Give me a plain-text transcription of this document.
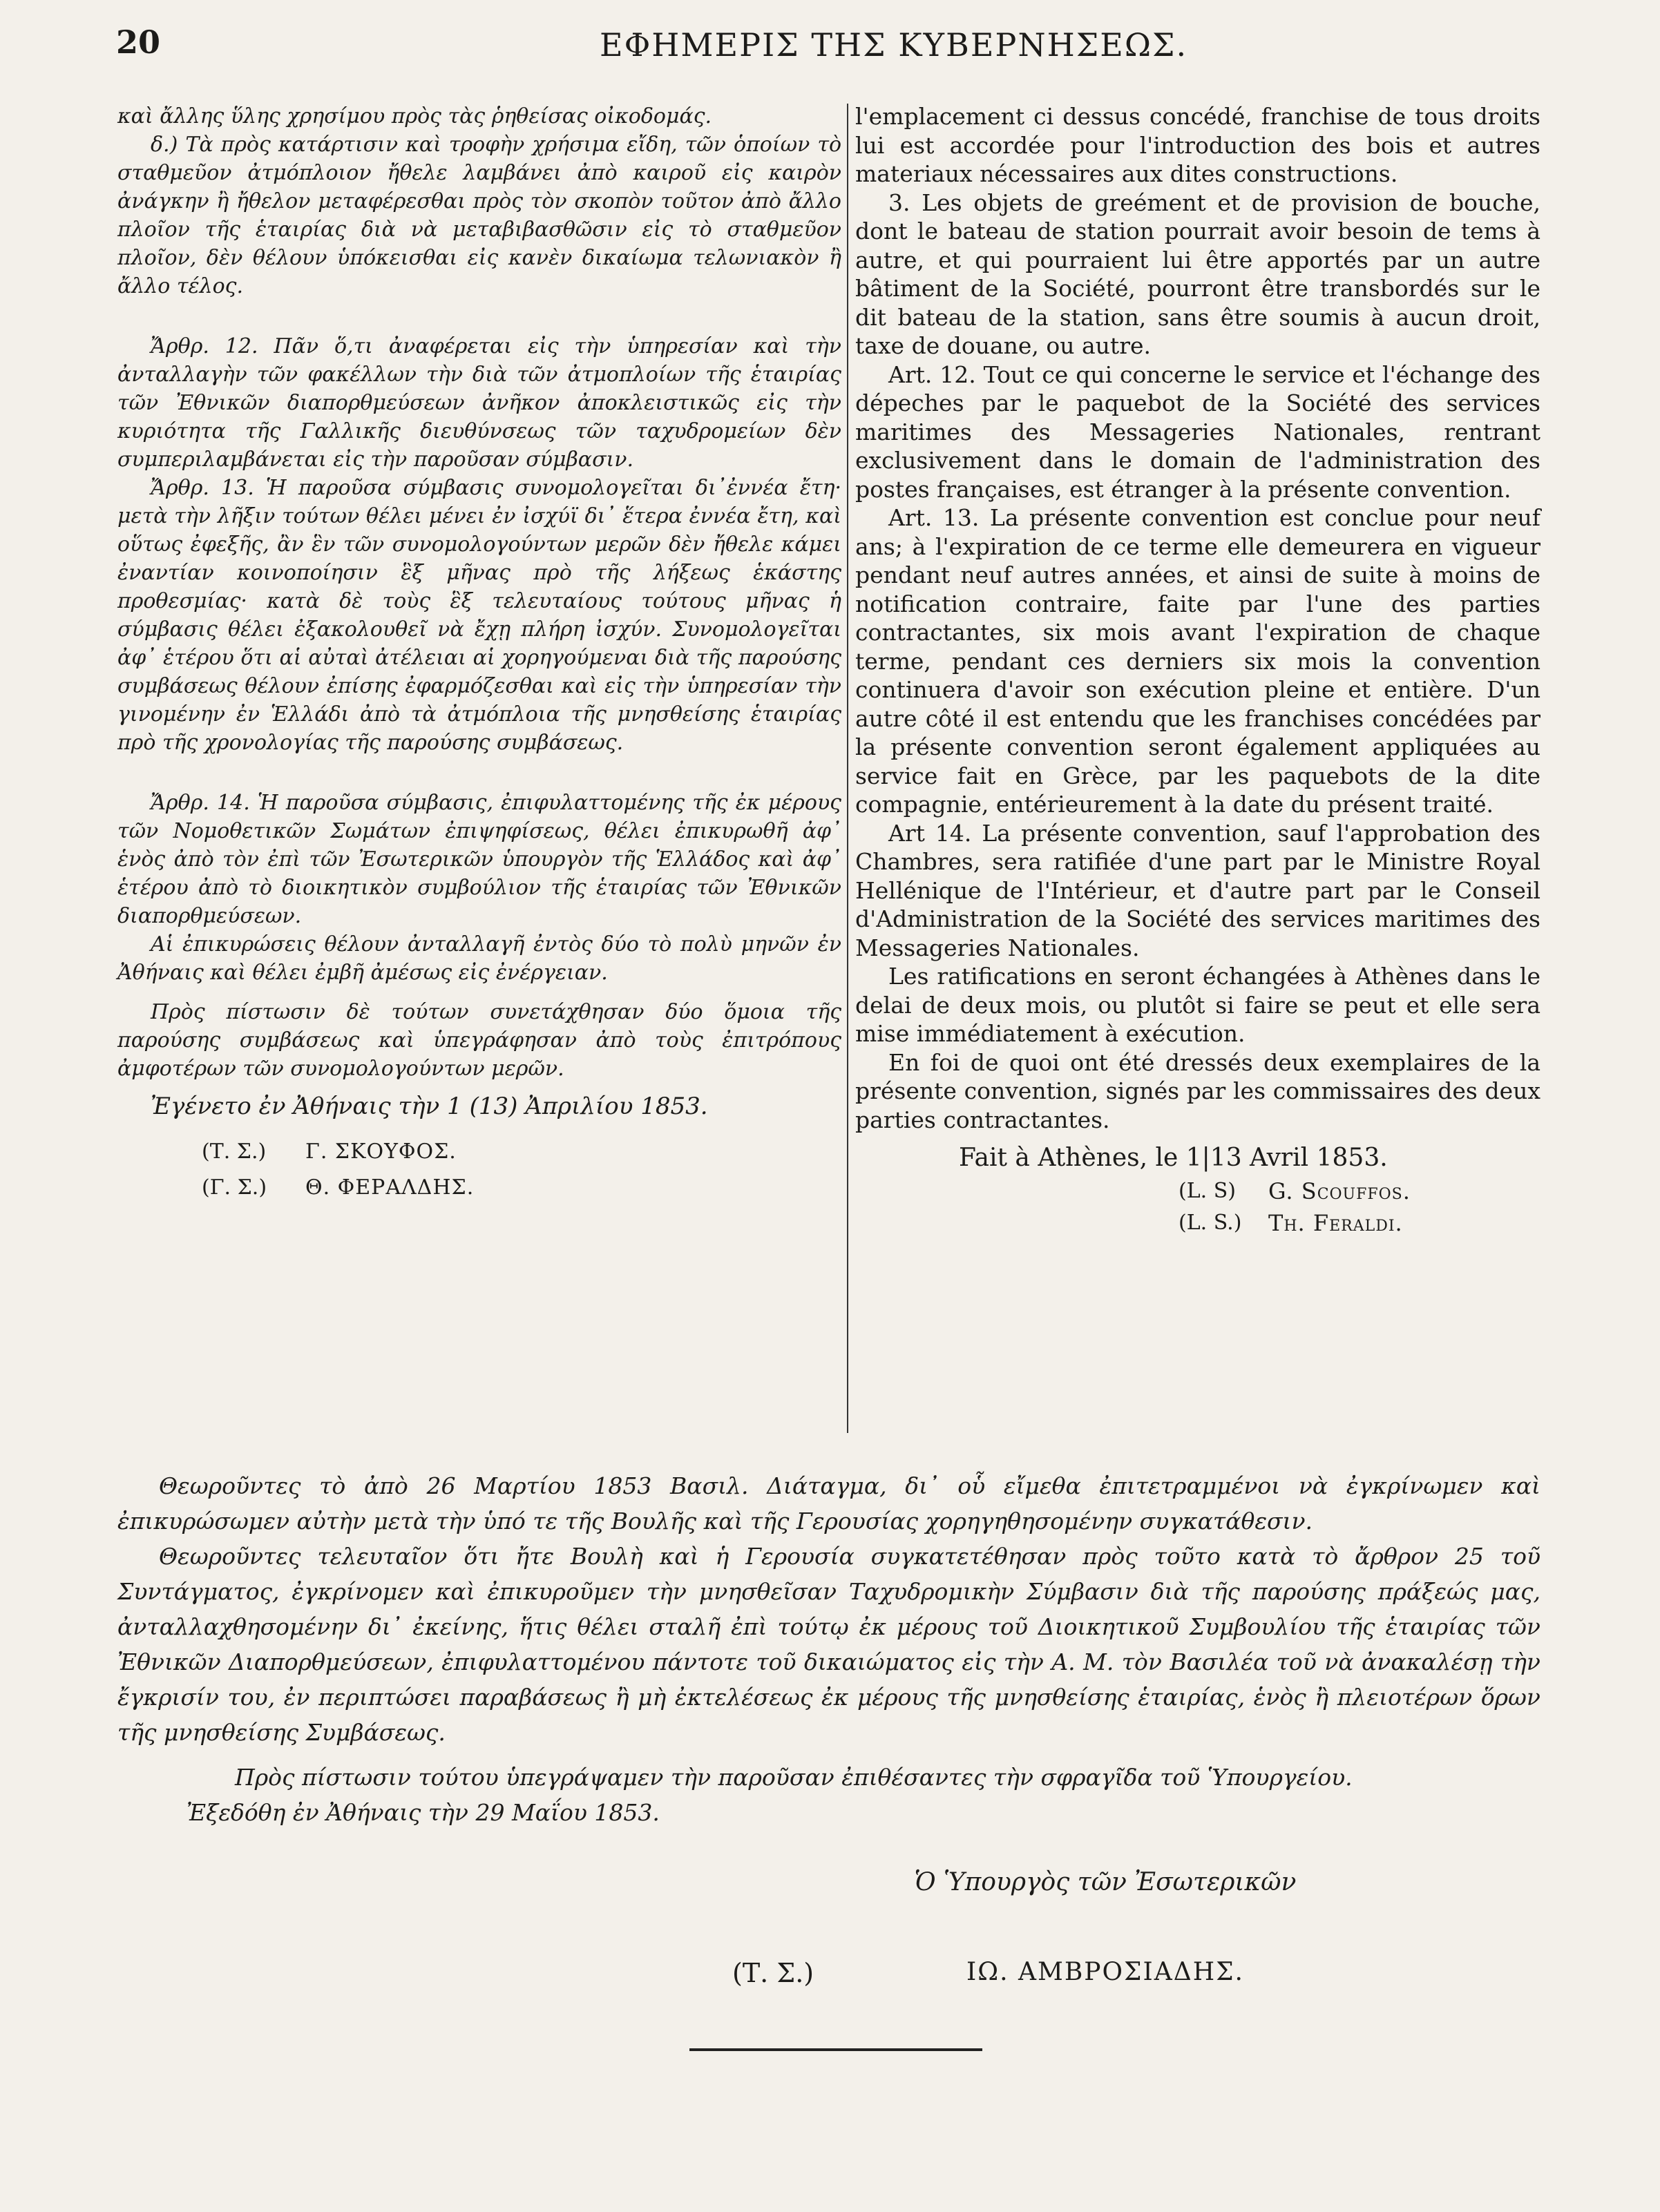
20	ΕΦΗΜΕΡΙΣ ΤΗΣ ΚΥΒΕΡΝΗΣΕΩΣ.

καὶ ἄλλης ὕλης χρησίμου πρὸς τὰς ῥηθείσας οἰκοδομάς.

δ.) Τὰ πρὸς κατάρτισιν καὶ τροφὴν χρήσιμα εἴδη, τῶν ὁποίων τὸ σταθμεῦον ἀτμόπλοιον ἤθελε λαμβάνει ἀπὸ καιροῦ εἰς καιρὸν ἀνάγκην ἢ ἤθελον μεταφέρεσθαι πρὸς τὸν σκοπὸν τοῦτον ἀπὸ ἄλλο πλοῖον τῆς ἑταιρίας διὰ νὰ μεταβιβασθῶσιν εἰς τὸ σταθμεῦον πλοῖον, δὲν θέλουν ὑπόκεισθαι εἰς κανὲν δικαίωμα τελωνιακὸν ἢ ἄλλο τέλος.

Ἄρθρ. 12. Πᾶν ὅ,τι ἀναφέρεται εἰς τὴν ὑπηρεσίαν καὶ τὴν ἀνταλλαγὴν τῶν φακέλλων τὴν διὰ τῶν ἀτμοπλοίων τῆς ἑταιρίας τῶν Ἐθνικῶν διαπορθμεύσεων ἀνῆκον ἀποκλειστικῶς εἰς τὴν κυριότητα τῆς Γαλλικῆς διευθύνσεως τῶν ταχυδρομείων δὲν συμπεριλαμβάνεται εἰς τὴν παροῦσαν σύμβασιν.

Ἄρθρ. 13. Ἡ παροῦσα σύμβασις συνομολογεῖται δι᾽ἐννέα ἔτη· μετὰ τὴν λῆξιν τούτων θέλει μένει ἐν ἰσχύϊ δι᾽ ἕτερα ἐννέα ἔτη, καὶ οὕτως ἐφεξῆς, ἂν ἓν τῶν συνομολογούντων μερῶν δὲν ἤθελε κάμει ἐναντίαν κοινοποίησιν ἓξ μῆνας πρὸ τῆς λήξεως ἑκάστης προθεσμίας· κατὰ δὲ τοὺς ἓξ τελευταίους τούτους μῆνας ἡ σύμβασις θέλει ἐξακολουθεῖ νὰ ἔχῃ πλήρη ἰσχύν. Συνομολογεῖται ἀφ᾽ ἑτέρου ὅτι αἱ αὐταὶ ἀτέλειαι αἱ χορηγούμεναι διὰ τῆς παρούσης συμβάσεως θέλουν ἐπίσης ἐφαρμόζεσθαι καὶ εἰς τὴν ὑπηρεσίαν τὴν γινομένην ἐν Ἑλλάδι ἀπὸ τὰ ἀτμόπλοια τῆς μνησθείσης ἑταιρίας πρὸ τῆς χρονολογίας τῆς παρούσης συμβάσεως.

Ἄρθρ. 14. Ἡ παροῦσα σύμβασις, ἐπιφυλαττομένης τῆς ἐκ μέρους τῶν Νομοθετικῶν Σωμάτων ἐπιψηφίσεως, θέλει ἐπικυρωθῆ ἀφ᾽ ἑνὸς ἀπὸ τὸν ἐπὶ τῶν Ἐσωτερικῶν ὑπουργὸν τῆς Ἑλλάδος καὶ ἀφ᾽ ἑτέρου ἀπὸ τὸ διοικητικὸν συμβούλιον τῆς ἑταιρίας τῶν Ἐθνικῶν διαπορθμεύσεων.

Αἱ ἐπικυρώσεις θέλουν ἀνταλλαγῆ ἐντὸς δύο τὸ πολὺ μηνῶν ἐν Ἀθήναις καὶ θέλει ἐμβῆ ἀμέσως εἰς ἐνέργειαν.

Πρὸς πίστωσιν δὲ τούτων συνετάχθησαν δύο ὅμοια τῆς παρούσης συμβάσεως καὶ ὑπεγράφησαν ἀπὸ τοὺς ἐπιτρόπους ἀμφοτέρων τῶν συνομολογούντων μερῶν.

Ἐγένετο ἐν Ἀθήναις τὴν 1 (13) Ἀπριλίου 1853.

(Τ. Σ.)	Γ. ΣΚΟΥΦΟΣ.
(Γ. Σ.)	Θ. ΦΕΡΑΛΔΗΣ.

l'emplacement ci dessus concédé, franchise de tous droits lui est accordée pour l'introduction des bois et autres materiaux nécessaires aux dites constructions.

3. Les objets de greément et de provision de bouche, dont le bateau de station pourrait avoir besoin de tems à autre, et qui pourraient lui être apportés par un autre bâtiment de la Société, pourront être transbordés sur le dit bateau de la station, sans être soumis à aucun droit, taxe de douane, ou autre.

Art. 12. Tout ce qui concerne le service et l'échange des dépeches par le paquebot de la Société des services maritimes des Messageries Nationales, rentrant exclusivement dans le domain de l'administration des postes françaises, est étranger à la présente convention.

Art. 13. La présente convention est conclue pour neuf ans; à l'expiration de ce terme elle demeurera en vigueur pendant neuf autres années, et ainsi de suite à moins de notification contraire, faite par l'une des parties contractantes, six mois avant l'expiration de chaque terme, pendant ces derniers six mois la convention continuera d'avoir son exécution pleine et entière. D'un autre côté il est entendu que les franchises concédées par la présente convention seront également appliquées au service fait en Grèce, par les paquebots de la dite compagnie, entérieurement à la date du présent traité.

Art 14. La présente convention, sauf l'approbation des Chambres, sera ratifiée d'une part par le Ministre Royal Hellénique de l'Intérieur, et d'autre part par le Conseil d'Administration de la Société des services maritimes des Messageries Nationales.

Les ratifications en seront échangées à Athènes dans le delai de deux mois, ou plutôt si faire se peut et elle sera mise immédiatement à exécution.

En foi de quoi ont été dressés deux exemplaires de la présente convention, signés par les commissaires des deux parties contractantes.

Fait à Athènes, le 1|13 Avril 1853.

(L. S)	G. Scouffos.
(L. S.)	Th. Feraldi.

Θεωροῦντες τὸ ἀπὸ 26 Μαρτίου 1853 Βασιλ. Διάταγμα, δι᾽ οὗ εἴμεθα ἐπιτετραμμένοι νὰ ἐγκρίνωμεν καὶ ἐπικυρώσωμεν αὐτὴν μετὰ τὴν ὑπό τε τῆς Βουλῆς καὶ τῆς Γερουσίας χορηγηθησομένην συγκατάθεσιν.

Θεωροῦντες τελευταῖον ὅτι ἤτε Βουλὴ καὶ ἡ Γερουσία συγκατετέθησαν πρὸς τοῦτο κατὰ τὸ ἄρθρον 25 τοῦ Συντάγματος, ἐγκρίνομεν καὶ ἐπικυροῦμεν τὴν μνησθεῖσαν Ταχυδρομικὴν Σύμβασιν διὰ τῆς παρούσης πράξεώς μας, ἀνταλλαχθησομένην δι᾽ ἐκείνης, ἥτις θέλει σταλῆ ἐπὶ τούτῳ ἐκ μέρους τοῦ Διοικητικοῦ Συμβουλίου τῆς ἑταιρίας τῶν Ἐθνικῶν Διαπορθμεύσεων, ἐπιφυλαττομένου πάντοτε τοῦ δικαιώματος εἰς τὴν Α. Μ. τὸν Βασιλέα τοῦ νὰ ἀνακαλέσῃ τὴν ἔγκρισίν του, ἐν περιπτώσει παραβάσεως ἢ μὴ ἐκτελέσεως ἐκ μέρους τῆς μνησθείσης ἑταιρίας, ἑνὸς ἢ πλειοτέρων ὅρων τῆς μνησθείσης Συμβάσεως.

Πρὸς πίστωσιν τούτου ὑπεγράψαμεν τὴν παροῦσαν ἐπιθέσαντες τὴν σφραγῖδα τοῦ Ὑπουργείου.

Ἐξεδόθη ἐν Ἀθήναις τὴν 29 Μαΐου 1853.

Ὁ Ὑπουργὸς τῶν Ἐσωτερικῶν
(Τ. Σ.)	ΙΩ. ΑΜΒΡΟΣΙΑΔΗΣ.
